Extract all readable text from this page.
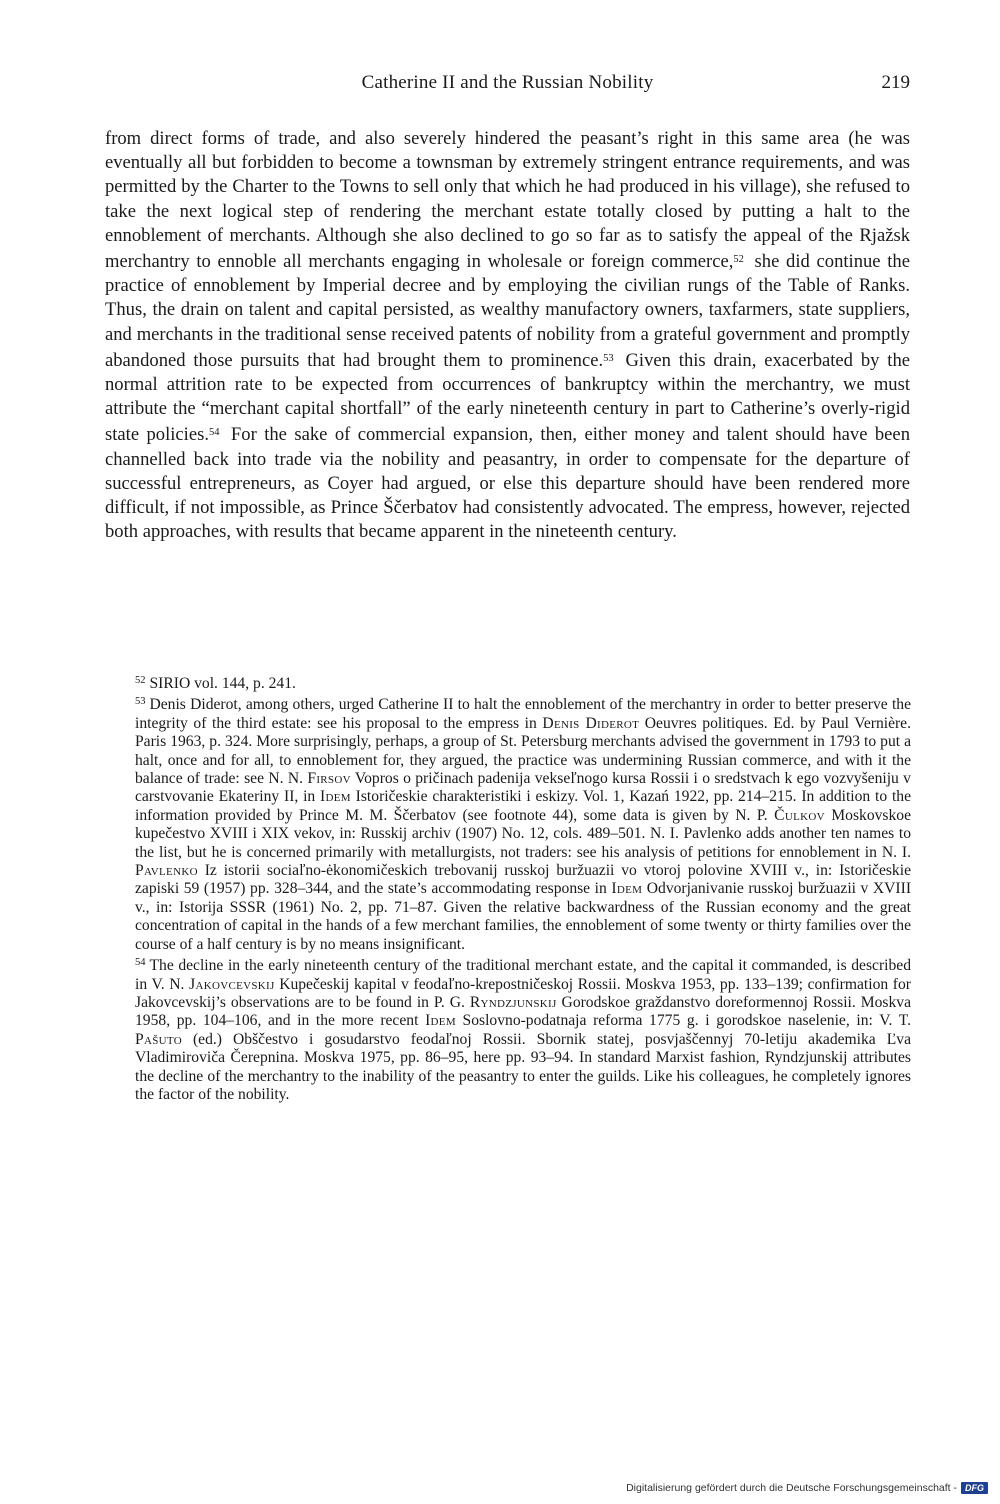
Catherine II and the Russian Nobility	219

from direct forms of trade, and also severely hindered the peasant’s right in this same area (he was eventually all but forbidden to become a townsman by extremely stringent entrance requirements, and was permitted by the Charter to the Towns to sell only that which he had produced in his village), she refused to take the next logical step of rendering the merchant estate totally closed by putting a halt to the ennoblement of merchants. Although she also declined to go so far as to satisfy the appeal of the Rjažsk merchantry to ennoble all merchants engaging in wholesale or foreign commerce,$^{52}$ she did continue the practice of ennoblement by Imperial decree and by employing the civilian rungs of the Table of Ranks. Thus, the drain on talent and capital persisted, as wealthy manufactory owners, taxfarmers, state suppliers, and merchants in the traditional sense received patents of nobility from a grateful government and promptly abandoned those pursuits that had brought them to prominence.$^{53}$ Given this drain, exacerbated by the normal attrition rate to be expected from occurrences of bankruptcy within the merchantry, we must attribute the “merchant capital shortfall” of the early nineteenth century in part to Catherine’s overly-rigid state policies.$^{54}$ For the sake of commercial expansion, then, either money and talent should have been channelled back into trade via the nobility and peasantry, in order to compensate for the departure of successful entrepreneurs, as Coyer had argued, or else this departure should have been rendered more difficult, if not impossible, as Prince Ščerbatov had consistently advocated. The empress, however, rejected both approaches, with results that became apparent in the nineteenth century.

$^{52}$ SIRIO vol. 144, p. 241.

$^{53}$ Denis Diderot, among others, urged Catherine II to halt the ennoblement of the merchantry in order to better preserve the integrity of the third estate: see his proposal to the empress in Denis Diderot Oeuvres politiques. Ed. by Paul Vernière. Paris 1963, p. 324. More surprisingly, perhaps, a group of St. Petersburg merchants advised the government in 1793 to put a halt, once and for all, to ennoblement for, they argued, the practice was undermining Russian commerce, and with it the balance of trade: see N. N. Firsov Vopros o pričinach padenija vekseľnogo kursa Rossii i o sredstvach k ego vozvyšeniju v carstvovanie Ekateriny II, in Idem Istoričeskie charakteristiki i eskizy. Vol. 1, Kazań 1922, pp. 214–215. In addition to the information provided by Prince M. M. Ščerbatov (see footnote 44), some data is given by N. P. Čulkov Moskovskoe kupečestvo XVIII i XIX vekov, in: Russkij archiv (1907) No. 12, cols. 489–501. N. I. Pavlenko adds another ten names to the list, but he is concerned primarily with metallurgists, not traders: see his analysis of petitions for ennoblement in N. I. Pavlenko Iz istorii sociaľno-ėkonomičeskich trebovanij russkoj buržuazii vo vtoroj polovine XVIII v., in: Istoričeskie zapiski 59 (1957) pp. 328–344, and the state’s accommodating response in Idem Odvorjanivanie russkoj buržuazii v XVIII v., in: Istorija SSSR (1961) No. 2, pp. 71–87. Given the relative backwardness of the Russian economy and the great concentration of capital in the hands of a few merchant families, the ennoblement of some twenty or thirty families over the course of a half century is by no means insignificant.

$^{54}$ The decline in the early nineteenth century of the traditional merchant estate, and the capital it commanded, is described in V. N. Jakovcevskij Kupečeskij kapital v feodaľno-krepostničeskoj Rossii. Moskva 1953, pp. 133–139; confirmation for Jakovcevskij’s observations are to be found in P. G. Ryndzjunskij Gorodskoe graždanstvo doreformennoj Rossii. Moskva 1958, pp. 104–106, and in the more recent Idem Soslovno-podatnaja reforma 1775 g. i gorodskoe naselenie, in: V. T. Pašuto (ed.) Obščestvo i gosudarstvo feodaľnoj Rossii. Sbornik statej, posvjaščennyj 70-letiju akademika Ľva Vladimiroviča Čerepnina. Moskva 1975, pp. 86–95, here pp. 93–94. In standard Marxist fashion, Ryndzjunskij attributes the decline of the merchantry to the inability of the peasantry to enter the guilds. Like his colleagues, he completely ignores the factor of the nobility.

Digitalisierung gefördert durch die Deutsche Forschungsgemeinschaft - DFG
